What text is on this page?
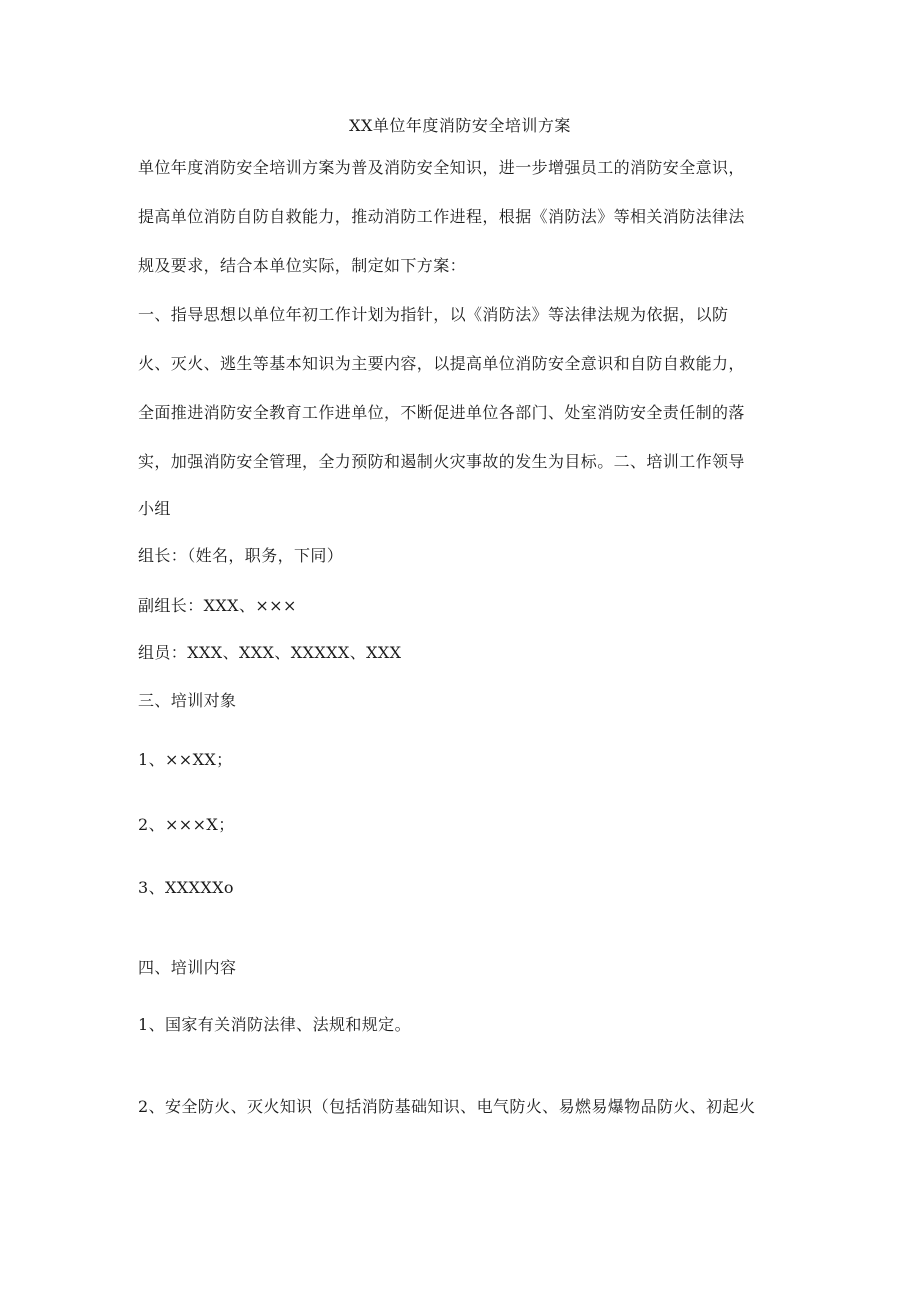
XX单位年度消防安全培训方案
单位年度消防安全培训方案为普及消防安全知识，进一步增强员工的消防安全意识，
提高单位消防自防自救能力，推动消防工作进程，根据《消防法》等相关消防法律法
规及要求，结合本单位实际，制定如下方案：
一、指导思想以单位年初工作计划为指针，以《消防法》等法律法规为依据，以防
火、灭火、逃生等基本知识为主要内容，以提高单位消防安全意识和自防自救能力，
全面推进消防安全教育工作进单位，不断促进单位各部门、处室消防安全责任制的落
实，加强消防安全管理，全力预防和遏制火灾事故的发生为目标。二、培训工作领导
小组
组长：（姓名，职务，下同）
副组长：XXX、×××
组员：XXX、XXX、XXXXX、XXX
三、培训对象
1、××XX；
2、×××X；
3、XXXXXo
四、培训内容
1、国家有关消防法律、法规和规定。
2、安全防火、灭火知识（包括消防基础知识、电气防火、易燃易爆物品防火、初起火
